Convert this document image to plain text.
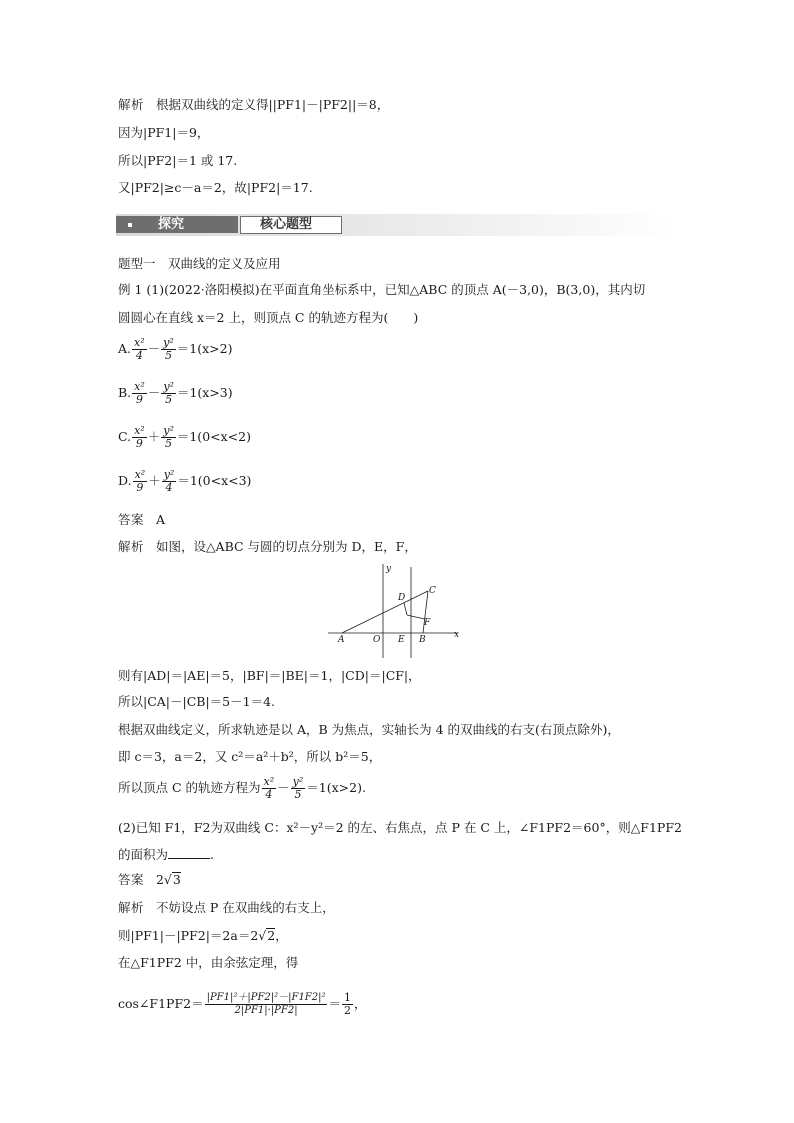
解析 根据双曲线的定义得||PF1|－|PF2||＝8，
因为|PF1|＝9，
所以|PF2|＝1 或 17.
又|PF2|≥c－a＝2，故|PF2|＝17.
探究	核心题型
题型一　双曲线的定义及应用
例 1 (1)(2022·洛阳模拟)在平面直角坐标系中，已知△ABC 的顶点 A(－3,0)，B(3,0)，其内切
圆圆心在直线 x＝2 上，则顶点 C 的轨迹方程为(　　)
A. $\frac{\text{x²}}{4} - \frac{\text{y²}}{5} =1(x>2)$
B. $\frac{\text{x²}}{9} - \frac{\text{y²}}{5} =1(x>3)$
C. $\frac{\text{x²}}{9} + \frac{\text{y²}}{5} =1(0<x<2)$
D. $\frac{\text{x²}}{9} + \frac{\text{y²}}{4} =1(0<x<3)$
答案 A
解析 如图，设△ABC 与圆的切点分别为 D，E，F，
y
x
A	O E B
C
D
F
则有|AD|＝|AE|＝5，|BF|＝|BE|＝1，|CD|＝|CF|，
所以|CA|－|CB|＝5－1＝4.
根据双曲线定义，所求轨迹是以 A，B 为焦点，实轴长为 4 的双曲线的右支(右顶点除外)，
即 c＝3，a＝2，又 c²＝a²＋b²，所以 b²＝5，
所以顶点 C 的轨迹方程为 $\frac{\text{x²}}{4} - \frac{\text{y²}}{5} =1(x>2)$.
(2)已知 F1，F2为双曲线 C：x²－y²＝2 的左、右焦点，点 P 在 C 上，∠F1PF2＝60°，则△F1PF2
的面积为	.
答案 2√3
解析 不妨设点 P 在双曲线的右支上，
则|PF1|－|PF2|＝2a＝2√2，
在△F1PF2 中，由余弦定理，得
cos∠F1PF2＝ $\frac{\text{|PF1|²＋|PF2|²－|F1F2|²}}{2|PF1|\cdot|PF2|} = \frac{1}{2}$ ，
